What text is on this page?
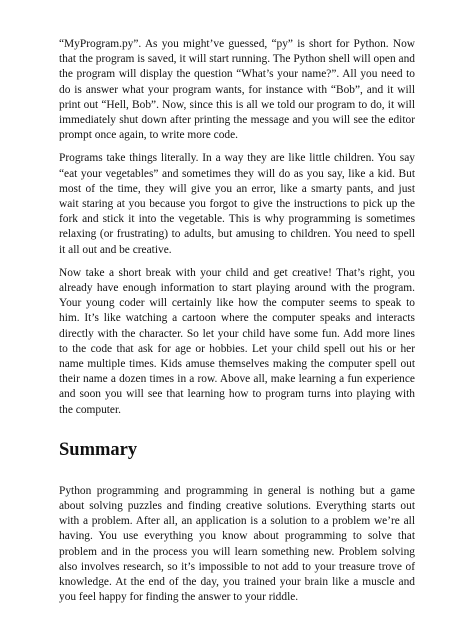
“MyProgram.py”. As you might’ve guessed, “py” is short for Python. Now that the program is saved, it will start running. The Python shell will open and the program will display the question “What’s your name?”. All you need to do is answer what your program wants, for instance with “Bob”, and it will print out “Hell, Bob”. Now, since this is all we told our program to do, it will immediately shut down after printing the message and you will see the editor prompt once again, to write more code.

Programs take things literally. In a way they are like little children. You say “eat your vegetables” and sometimes they will do as you say, like a kid. But most of the time, they will give you an error, like a smarty pants, and just wait staring at you because you forgot to give the instructions to pick up the fork and stick it into the vegetable. This is why programming is sometimes relaxing (or frustrating) to adults, but amusing to children. You need to spell it all out and be creative.

Now take a short break with your child and get creative! That’s right, you already have enough information to start playing around with the program. Your young coder will certainly like how the computer seems to speak to him. It’s like watching a cartoon where the computer speaks and interacts directly with the character. So let your child have some fun. Add more lines to the code that ask for age or hobbies. Let your child spell out his or her name multiple times. Kids amuse themselves making the computer spell out their name a dozen times in a row. Above all, make learning a fun experience and soon you will see that learning how to program turns into playing with the computer.

Summary

Python programming and programming in general is nothing but a game about solving puzzles and finding creative solutions. Everything starts out with a problem. After all, an application is a solution to a problem we’re all having. You use everything you know about programming to solve that problem and in the process you will learn something new. Problem solving also involves research, so it’s impossible to not add to your treasure trove of knowledge. At the end of the day, you trained your brain like a muscle and you feel happy for finding the answer to your riddle.
